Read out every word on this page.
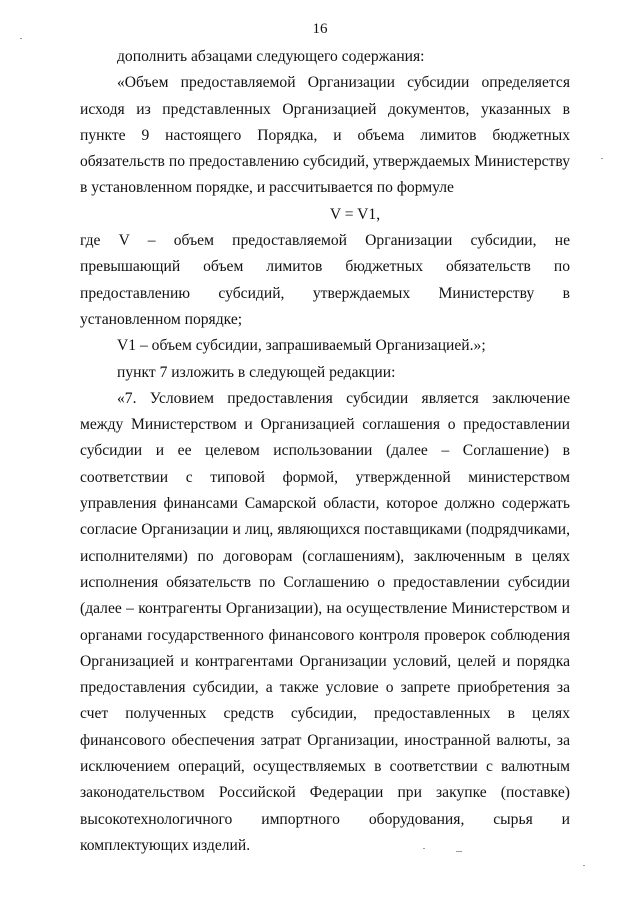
16

дополнить абзацами следующего содержания:

«Объем предоставляемой Организации субсидии определяется исходя из представленных Организацией документов, указанных в пункте 9 настоящего Порядка, и объема лимитов бюджетных обязательств по предоставлению субсидий, утверждаемых Министерству в установленном порядке, и рассчитывается по формуле

V = V1,

где V – объем предоставляемой Организации субсидии, не превышающий объем лимитов бюджетных обязательств по предоставлению субсидий, утверждаемых Министерству в установленном порядке;

V1 – объем субсидии, запрашиваемый Организацией.»;

пункт 7 изложить в следующей редакции:

«7. Условием предоставления субсидии является заключение между Министерством и Организацией соглашения о предоставлении субсидии и ее целевом использовании (далее – Соглашение) в соответствии с типовой формой, утвержденной министерством управления финансами Самарской области, которое должно содержать согласие Организации и лиц, являющихся поставщиками (подрядчиками, исполнителями) по договорам (соглашениям), заключенным в целях исполнения обязательств по Соглашению о предоставлении субсидии (далее – контрагенты Организации), на осуществление Министерством и органами государственного финансового контроля проверок соблюдения Организацией и контрагентами Организации условий, целей и порядка предоставления субсидии, а также условие о запрете приобретения за счет полученных средств субсидии, предоставленных в целях финансового обеспечения затрат Организации, иностранной валюты, за исключением операций, осуществляемых в соответствии с валютным законодательством Российской Федерации при закупке (поставке) высокотехнологичного импортного оборудования, сырья и комплектующих изделий.
